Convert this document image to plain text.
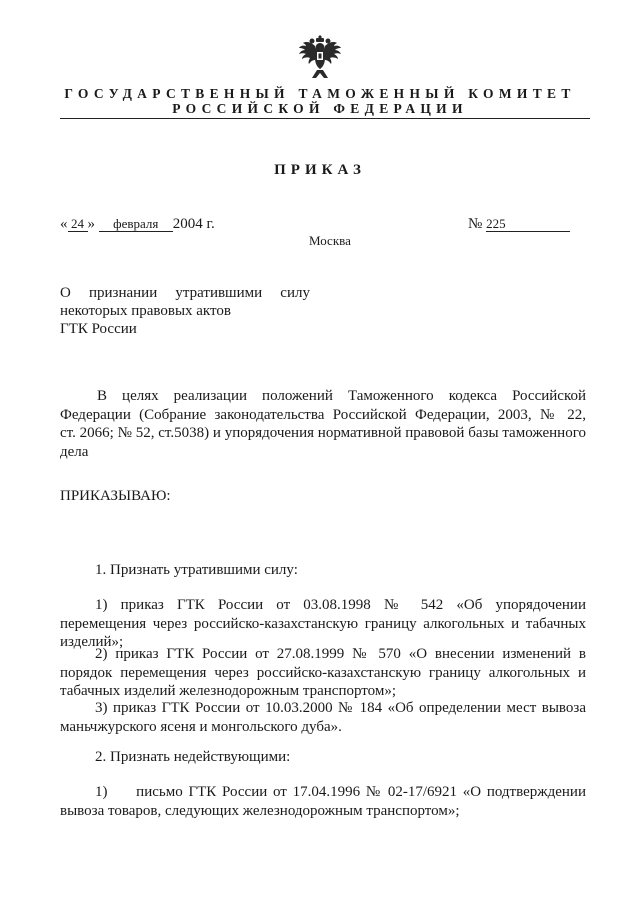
ГОСУДАРСТВЕННЫЙ ТАМОЖЕННЫЙ КОМИТЕТ
РОССИЙСКОЙ ФЕДЕРАЦИИ
ПРИКАЗ
« 24 » февраля 2004 г.	№ 225
Москва
О признании утратившими силу
некоторых правовых актов
ГТК России
В целях реализации положений Таможенного кодекса Российской
Федерации (Собрание законодательства Российской Федерации, 2003, № 22,
ст. 2066; № 52, ст.5038) и упорядочения нормативной правовой базы таможенного
дела
ПРИКАЗЫВАЮ:
1. Признать утратившими силу:
1) приказ ГТК России от 03.08.1998 № 542 «Об упорядочении
перемещения через российско-казахстанскую границу алкогольных и табачных
изделий»;
2) приказ ГТК России от 27.08.1999 № 570 «О внесении изменений в
порядок перемещения через российско-казахстанскую границу алкогольных и
табачных изделий железнодорожным транспортом»;
3) приказ ГТК России от 10.03.2000 № 184 «Об определении мест вывоза
маньчжурского ясеня и монгольского дуба».
2. Признать недействующими:
1)     письмо ГТК России от 17.04.1996 № 02-17/6921 «О подтверждении
вывоза товаров, следующих железнодорожным транспортом»;
